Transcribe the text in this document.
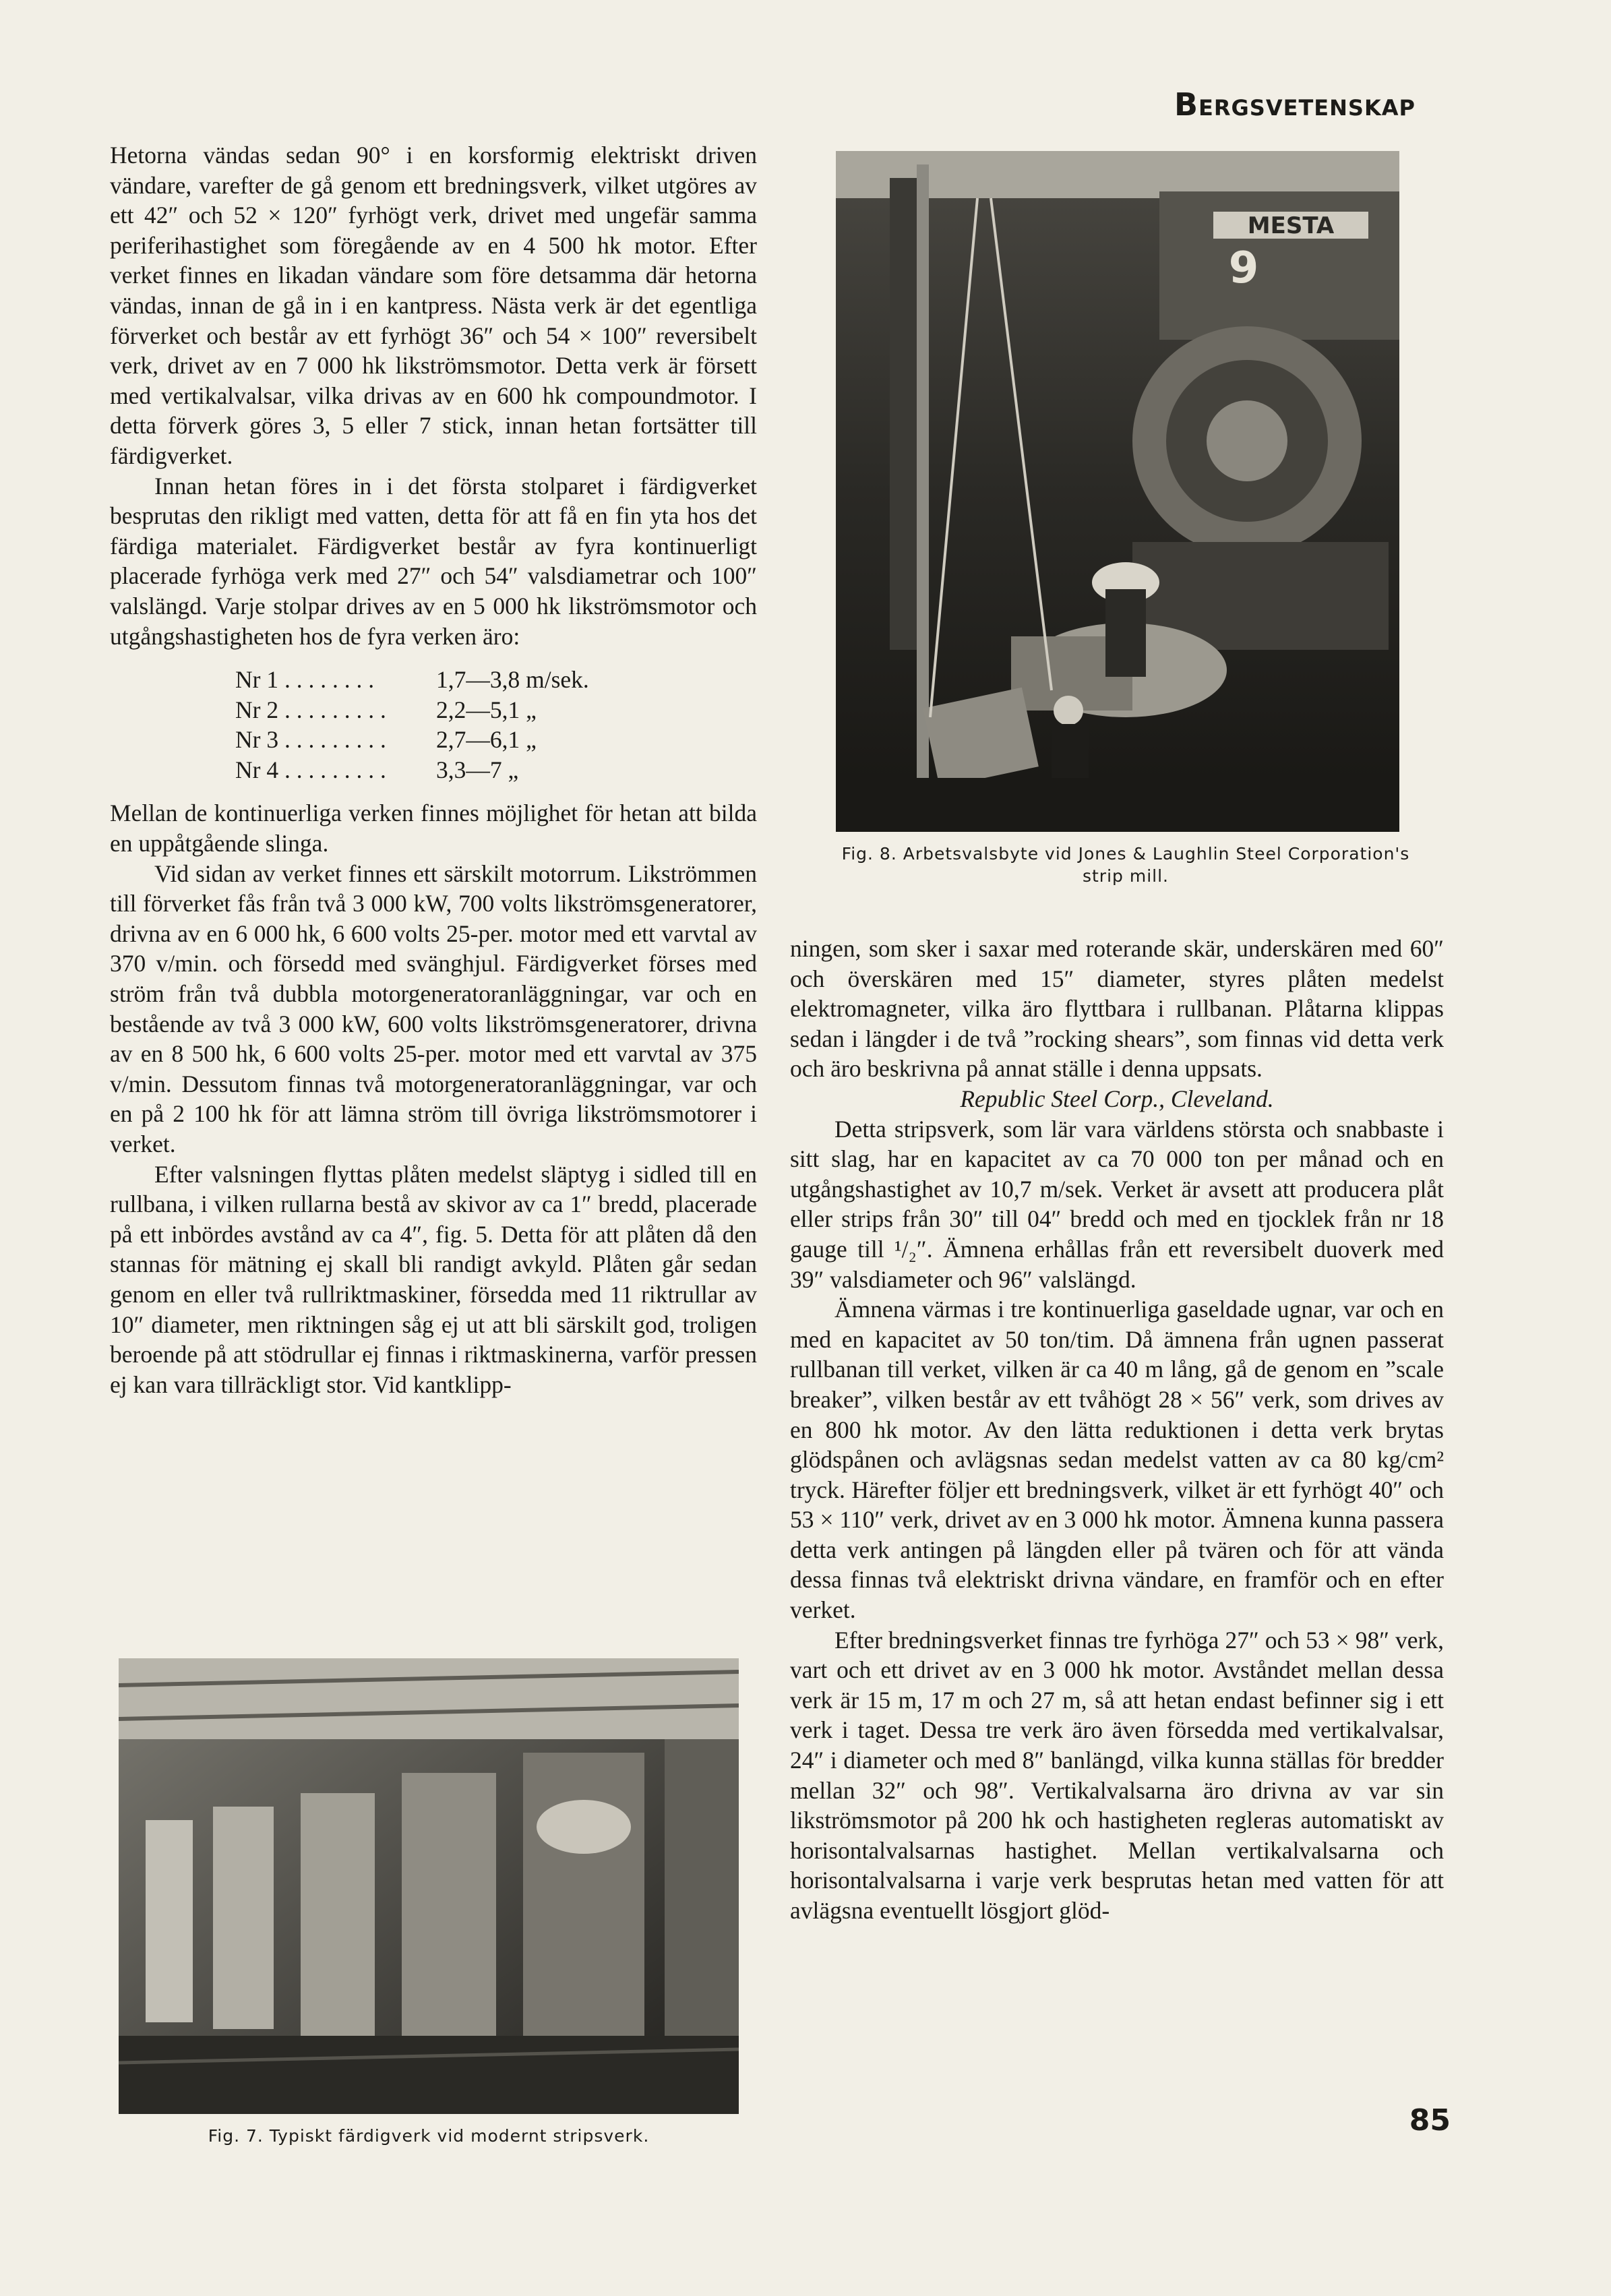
Bergsvetenskap

Hetorna vändas sedan 90° i en korsformig elektriskt driven vändare, varefter de gå genom ett bredningsverk, vilket utgöres av ett 42″ och 52 × 120″ fyrhögt verk, drivet med ungefär samma periferihastighet som föregående av en 4 500 hk motor. Efter verket finnes en likadan vändare som före detsamma där hetorna vändas, innan de gå in i en kantpress. Nästa verk är det egentliga förverket och består av ett fyrhögt 36″ och 54 × 100″ reversibelt verk, drivet av en 7 000 hk likströmsmotor. Detta verk är försett med vertikalvalsar, vilka drivas av en 600 hk compoundmotor. I detta förverk göres 3, 5 eller 7 stick, innan hetan fortsätter till färdigverket.

Innan hetan föres in i det första stolparet i färdigverket besprutas den rikligt med vatten, detta för att få en fin yta hos det färdiga materialet. Färdigverket består av fyra kontinuerligt placerade fyrhöga verk med 27″ och 54″ valsdiametrar och 100″ valslängd. Varje stolpar drives av en 5 000 hk likströmsmotor och utgångshastigheten hos de fyra verken äro:

Nr 1 . . . . . . . .	1,7—3,8 m/sek.
Nr 2 . . . . . . . . .	2,2—5,1 „
Nr 3 . . . . . . . . .	2,7—6,1 „
Nr 4 . . . . . . . . .	3,3—7 „

Mellan de kontinuerliga verken finnes möjlighet för hetan att bilda en uppåtgående slinga.

Vid sidan av verket finnes ett särskilt motorrum. Likströmmen till förverket fås från två 3 000 kW, 700 volts likströmsgeneratorer, drivna av en 6 000 hk, 6 600 volts 25-per. motor med ett varvtal av 370 v/min. och försedd med svänghjul. Färdigverket förses med ström från två dubbla motorgeneratoranläggningar, var och en bestående av två 3 000 kW, 600 volts likströmsgeneratorer, drivna av en 8 500 hk, 6 600 volts 25-per. motor med ett varvtal av 375 v/min. Dessutom finnas två motorgeneratoranläggningar, var och en på 2 100 hk för att lämna ström till övriga likströmsmotorer i verket.

Efter valsningen flyttas plåten medelst släptyg i sidled till en rullbana, i vilken rullarna bestå av skivor av ca 1″ bredd, placerade på ett inbördes avstånd av ca 4″, fig. 5. Detta för att plåten då den stannas för mätning ej skall bli randigt avkyld. Plåten går sedan genom en eller två rullriktmaskiner, försedda med 11 riktrullar av 10″ diameter, men riktningen såg ej ut att bli särskilt god, troligen beroende på att stödrullar ej finnas i riktmaskinerna, varför pressen ej kan vara tillräckligt stor. Vid kantklipp-

MESTA
9
Fig. 8. Arbetsvalsbyte vid Jones & Laughlin Steel Corporation's strip mill.

ningen, som sker i saxar med roterande skär, underskären med 60″ och överskären med 15″ diameter, styres plåten medelst elektromagneter, vilka äro flyttbara i rullbanan. Plåtarna klippas sedan i längder i de två ”rocking shears”, som finnas vid detta verk och äro beskrivna på annat ställe i denna uppsats.

Republic Steel Corp., Cleveland.

Detta stripsverk, som lär vara världens största och snabbaste i sitt slag, har en kapacitet av ca 70 000 ton per månad och en utgångshastighet av 10,7 m/sek. Verket är avsett att producera plåt eller strips från 30″ till 04″ bredd och med en tjocklek från nr 18 gauge till ¹/₂″. Ämnena erhållas från ett reversibelt duoverk med 39″ valsdiameter och 96″ valslängd.

Ämnena värmas i tre kontinuerliga gaseldade ugnar, var och en med en kapacitet av 50 ton/tim. Då ämnena från ugnen passerat rullbanan till verket, vilken är ca 40 m lång, gå de genom en ”scale breaker”, vilken består av ett tvåhögt 28 × 56″ verk, som drives av en 800 hk motor. Av den lätta reduktionen i detta verk brytas glödspånen och avlägsnas sedan medelst vatten av ca 80 kg/cm² tryck. Härefter följer ett bredningsverk, vilket är ett fyrhögt 40″ och 53 × 110″ verk, drivet av en 3 000 hk motor. Ämnena kunna passera detta verk antingen på längden eller på tvären och för att vända dessa finnas två elektriskt drivna vändare, en framför och en efter verket.

Efter bredningsverket finnas tre fyrhöga 27″ och 53 × 98″ verk, vart och ett drivet av en 3 000 hk motor. Avståndet mellan dessa verk är 15 m, 17 m och 27 m, så att hetan endast befinner sig i ett verk i taget. Dessa tre verk äro även försedda med vertikalvalsar, 24″ i diameter och med 8″ banlängd, vilka kunna ställas för bredder mellan 32″ och 98″. Vertikalvalsarna äro drivna av var sin likströmsmotor på 200 hk och hastigheten regleras automatiskt av horisontalvalsarnas hastighet. Mellan vertikalvalsarna och horisontalvalsarna i varje verk besprutas hetan med vatten för att avlägsna eventuellt lösgjort glöd-

Fig. 7. Typiskt färdigverk vid modernt stripsverk.	85
